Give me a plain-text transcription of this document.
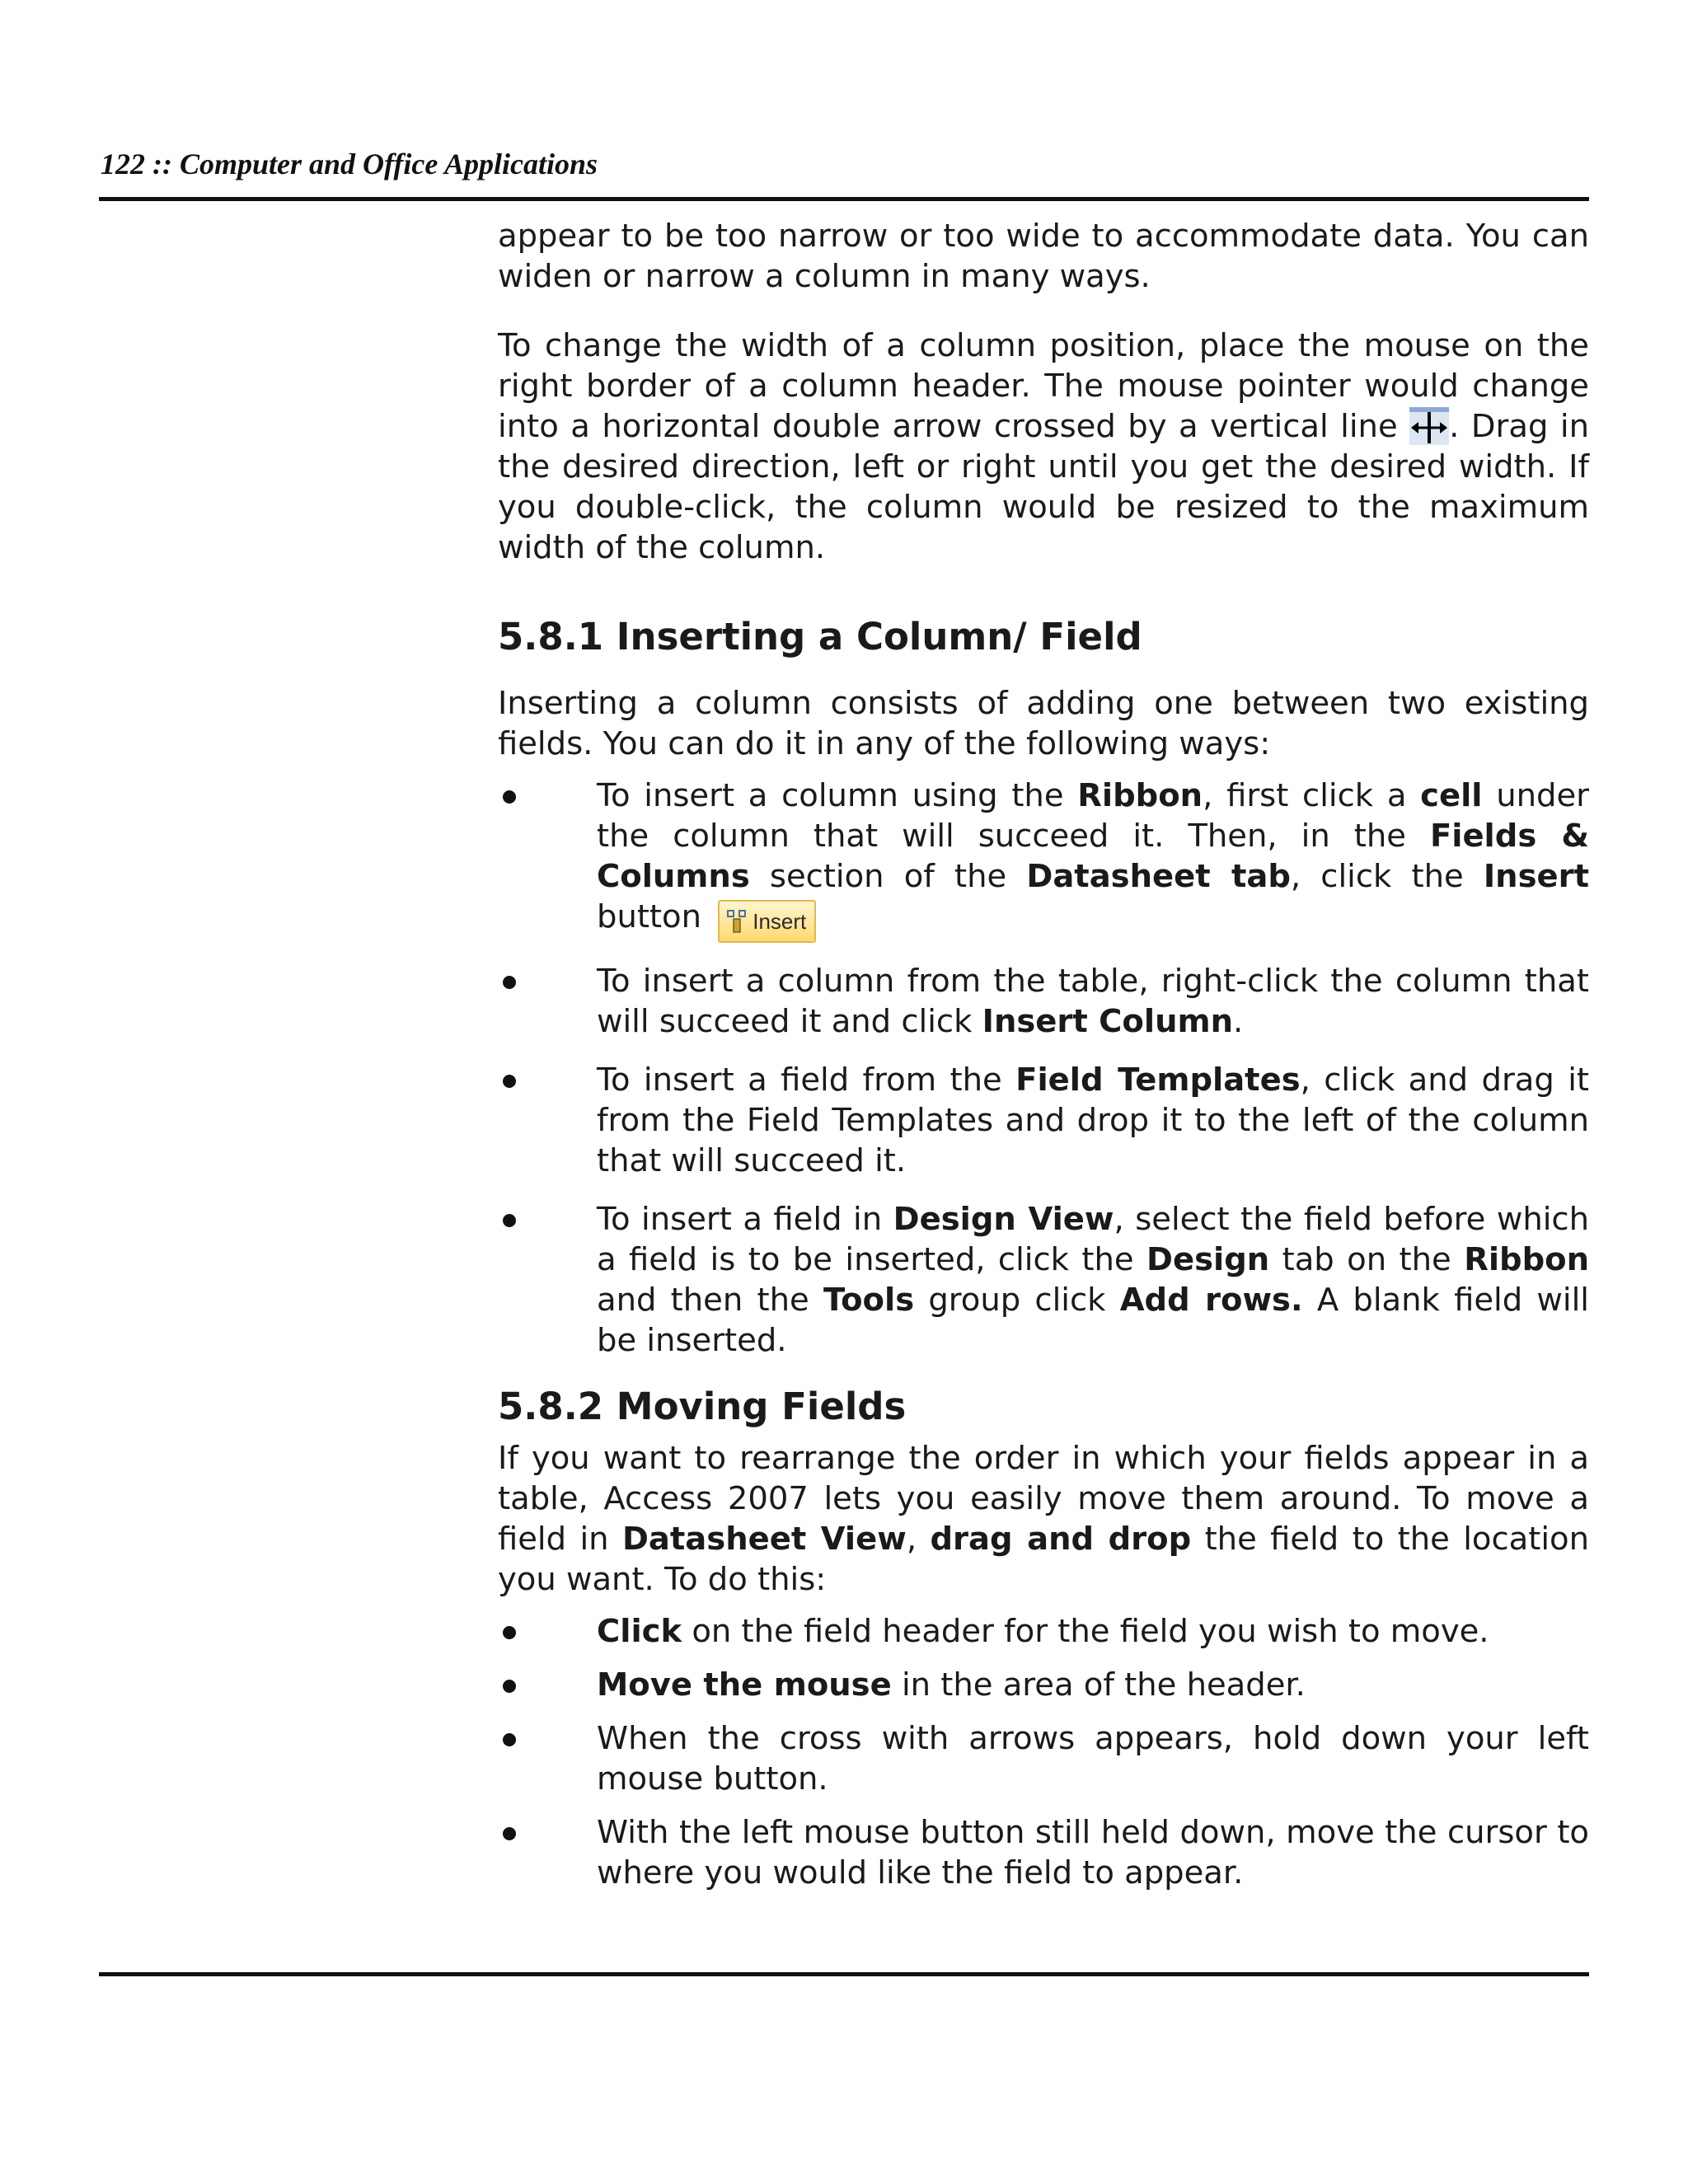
122 :: Computer and Office Applications

appear to be too narrow or too wide to accommodate data. You can widen or narrow a column in many ways.

To change the width of a column position, place the mouse on the right border of a column header. The mouse pointer would change into a horizontal double arrow crossed by a vertical line . Drag in the desired direction, left or right until you get the desired width. If you double-click, the column would be resized to the maximum width of the column.

5.8.1 Inserting a Column/ Field

Inserting a column consists of adding one between two existing fields. You can do it in any of the following ways:

To insert a column using the Ribbon, first click a cell under the column that will succeed it. Then, in the Fields & Columns section of the Datasheet tab, click the Insert button Insert
To insert a column from the table, right-click the column that will succeed it and click Insert Column.
To insert a field from the Field Templates, click and drag it from the Field Templates and drop it to the left of the column that will succeed it.
To insert a field in Design View, select the field before which a field is to be inserted, click the Design tab on the Ribbon and then the Tools group click Add rows. A blank field will be inserted.
5.8.2 Moving Fields

If you want to rearrange the order in which your fields appear in a table, Access 2007 lets you easily move them around. To move a field in Datasheet View, drag and drop the field to the location you want. To do this:

Click on the field header for the field you wish to move.
Move the mouse in the area of the header.
When the cross with arrows appears, hold down your left mouse button.
With the left mouse button still held down, move the cursor to where you would like the field to appear.
